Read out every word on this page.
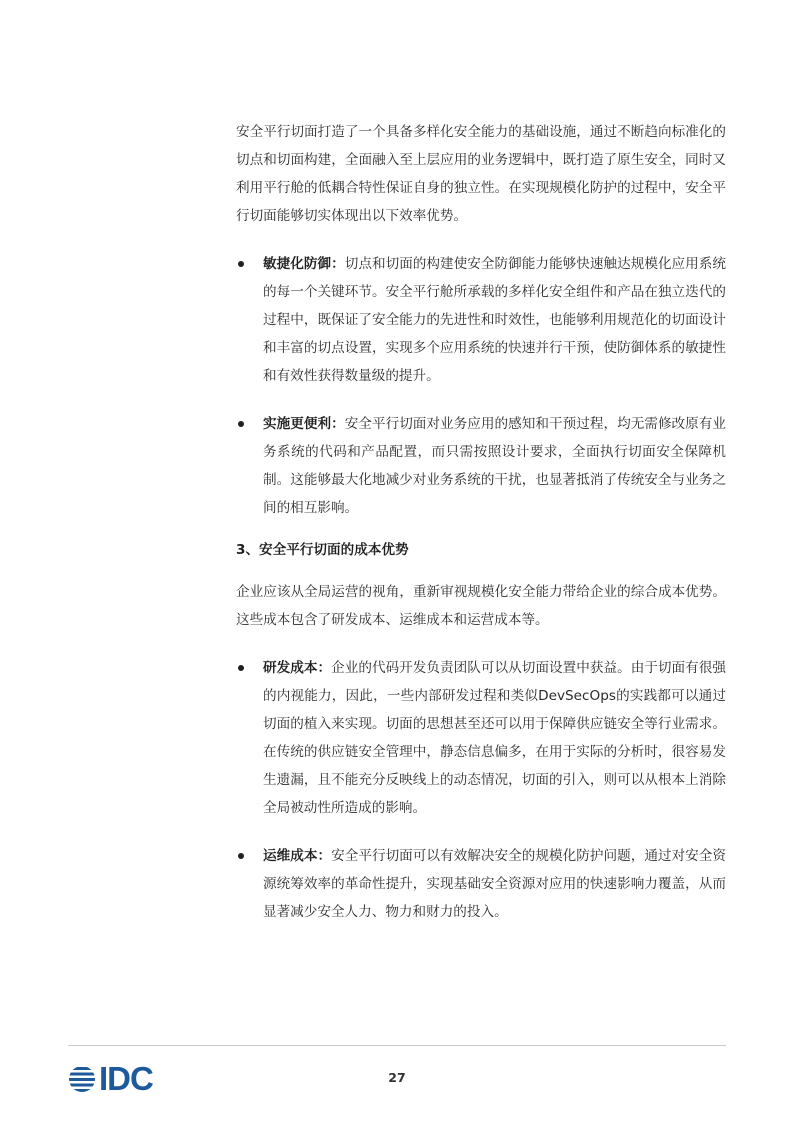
安全平行切面打造了一个具备多样化安全能力的基础设施，通过不断趋向标准化的切点和切面构建，全面融入至上层应用的业务逻辑中，既打造了原生安全，同时又利用平行舱的低耦合特性保证自身的独立性。在实现规模化防护的过程中，安全平行切面能够切实体现出以下效率优势。

敏捷化防御：切点和切面的构建使安全防御能力能够快速触达规模化应用系统的每一个关键环节。安全平行舱所承载的多样化安全组件和产品在独立迭代的过程中，既保证了安全能力的先进性和时效性，也能够利用规范化的切面设计和丰富的切点设置，实现多个应用系统的快速并行干预，使防御体系的敏捷性和有效性获得数量级的提升。
实施更便利：安全平行切面对业务应用的感知和干预过程，均无需修改原有业务系统的代码和产品配置，而只需按照设计要求，全面执行切面安全保障机制。这能够最大化地减少对业务系统的干扰，也显著抵消了传统安全与业务之间的相互影响。
3、安全平行切面的成本优势

企业应该从全局运营的视角，重新审视规模化安全能力带给企业的综合成本优势。这些成本包含了研发成本、运维成本和运营成本等。

研发成本：企业的代码开发负责团队可以从切面设置中获益。由于切面有很强的内视能力，因此，一些内部研发过程和类似DevSecOps的实践都可以通过切面的植入来实现。切面的思想甚至还可以用于保障供应链安全等行业需求。在传统的供应链安全管理中，静态信息偏多，在用于实际的分析时，很容易发生遗漏，且不能充分反映线上的动态情况，切面的引入，则可以从根本上消除全局被动性所造成的影响。
运维成本：安全平行切面可以有效解决安全的规模化防护问题，通过对安全资源统筹效率的革命性提升，实现基础安全资源对应用的快速影响力覆盖，从而显著减少安全人力、物力和财力的投入。
IDC	27
